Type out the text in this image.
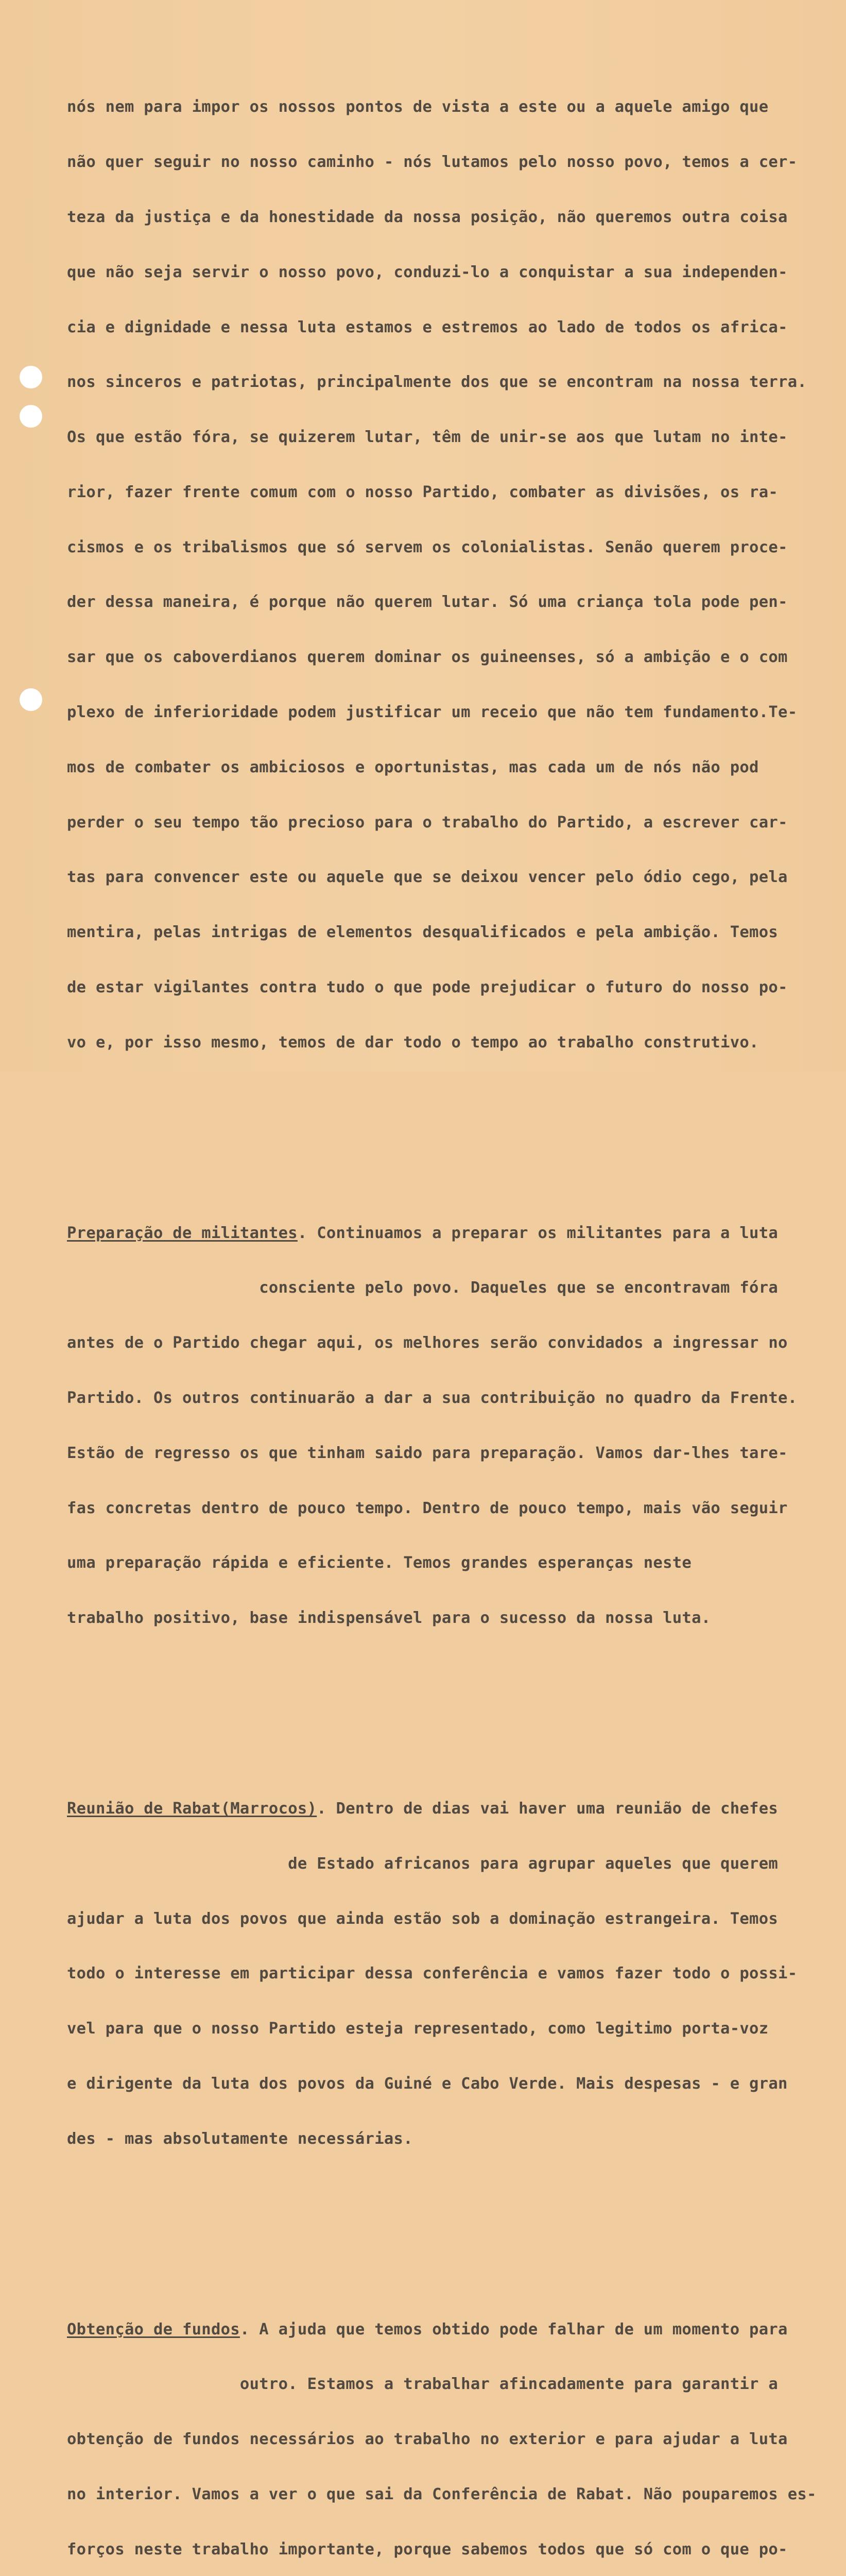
nós nem para impor os nossos pontos de vista a este ou a aquele amigo que

não quer seguir no nosso caminho - nós lutamos pelo nosso povo, temos a cer-

teza da justiça e da honestidade da nossa posição, não queremos outra coisa

que não seja servir o nosso povo, conduzi-lo a conquistar a sua independen-

cia e dignidade e nessa luta estamos e estremos ao lado de todos os africa-

nos sinceros e patriotas, principalmente dos que se encontram na nossa terra.

Os que estão fóra, se quizerem lutar, têm de unir-se aos que lutam no inte-

rior, fazer frente comum com o nosso Partido, combater as divisões, os ra-

cismos e os tribalismos que só servem os colonialistas. Senão querem proce-

der dessa maneira, é porque não querem lutar. Só uma criança tola pode pen-

sar que os caboverdianos querem dominar os guineenses, só a ambição e o com

plexo de inferioridade podem justificar um receio que não tem fundamento.Te-

mos de combater os ambiciosos e oportunistas, mas cada um de nós não pod

perder o seu tempo tão precioso para o trabalho do Partido, a escrever car-

tas para convencer este ou aquele que se deixou vencer pelo ódio cego, pela

mentira, pelas intrigas de elementos desqualificados e pela ambição. Temos

de estar vigilantes contra tudo o que pode prejudicar o futuro do nosso po-

vo e, por isso mesmo, temos de dar todo o tempo ao trabalho construtivo.

Preparação de militantes. Continuamos a preparar os militantes para a luta

consciente pelo povo. Daqueles que se encontravam fóra

antes de o Partido chegar aqui, os melhores serão convidados a ingressar no

Partido. Os outros continuarão a dar a sua contribuição no quadro da Frente.

Estão de regresso os que tinham saido para preparação. Vamos dar-lhes tare-

fas concretas dentro de pouco tempo. Dentro de pouco tempo, mais vão seguir

uma preparação rápida e eficiente. Temos grandes esperanças neste

trabalho positivo, base indispensável para o sucesso da nossa luta.

Reunião de Rabat(Marrocos). Dentro de dias vai haver uma reunião de chefes

de Estado africanos para agrupar aqueles que querem

ajudar a luta dos povos que ainda estão sob a dominação estrangeira. Temos

todo o interesse em participar dessa conferência e vamos fazer todo o possi-

vel para que o nosso Partido esteja representado, como legitimo porta-voz

e dirigente da luta dos povos da Guiné e Cabo Verde. Mais despesas - e gran

des - mas absolutamente necessárias.

Obtenção de fundos. A ajuda que temos obtido pode falhar de um momento para

outro. Estamos a trabalhar afincadamente para garantir a

obtenção de fundos necessários ao trabalho no exterior e para ajudar a luta

no interior. Vamos a ver o que sai da Conferência de Rabat. Não pouparemos es-

forços neste trabalho importante, porque sabemos todos que só com o que po-
